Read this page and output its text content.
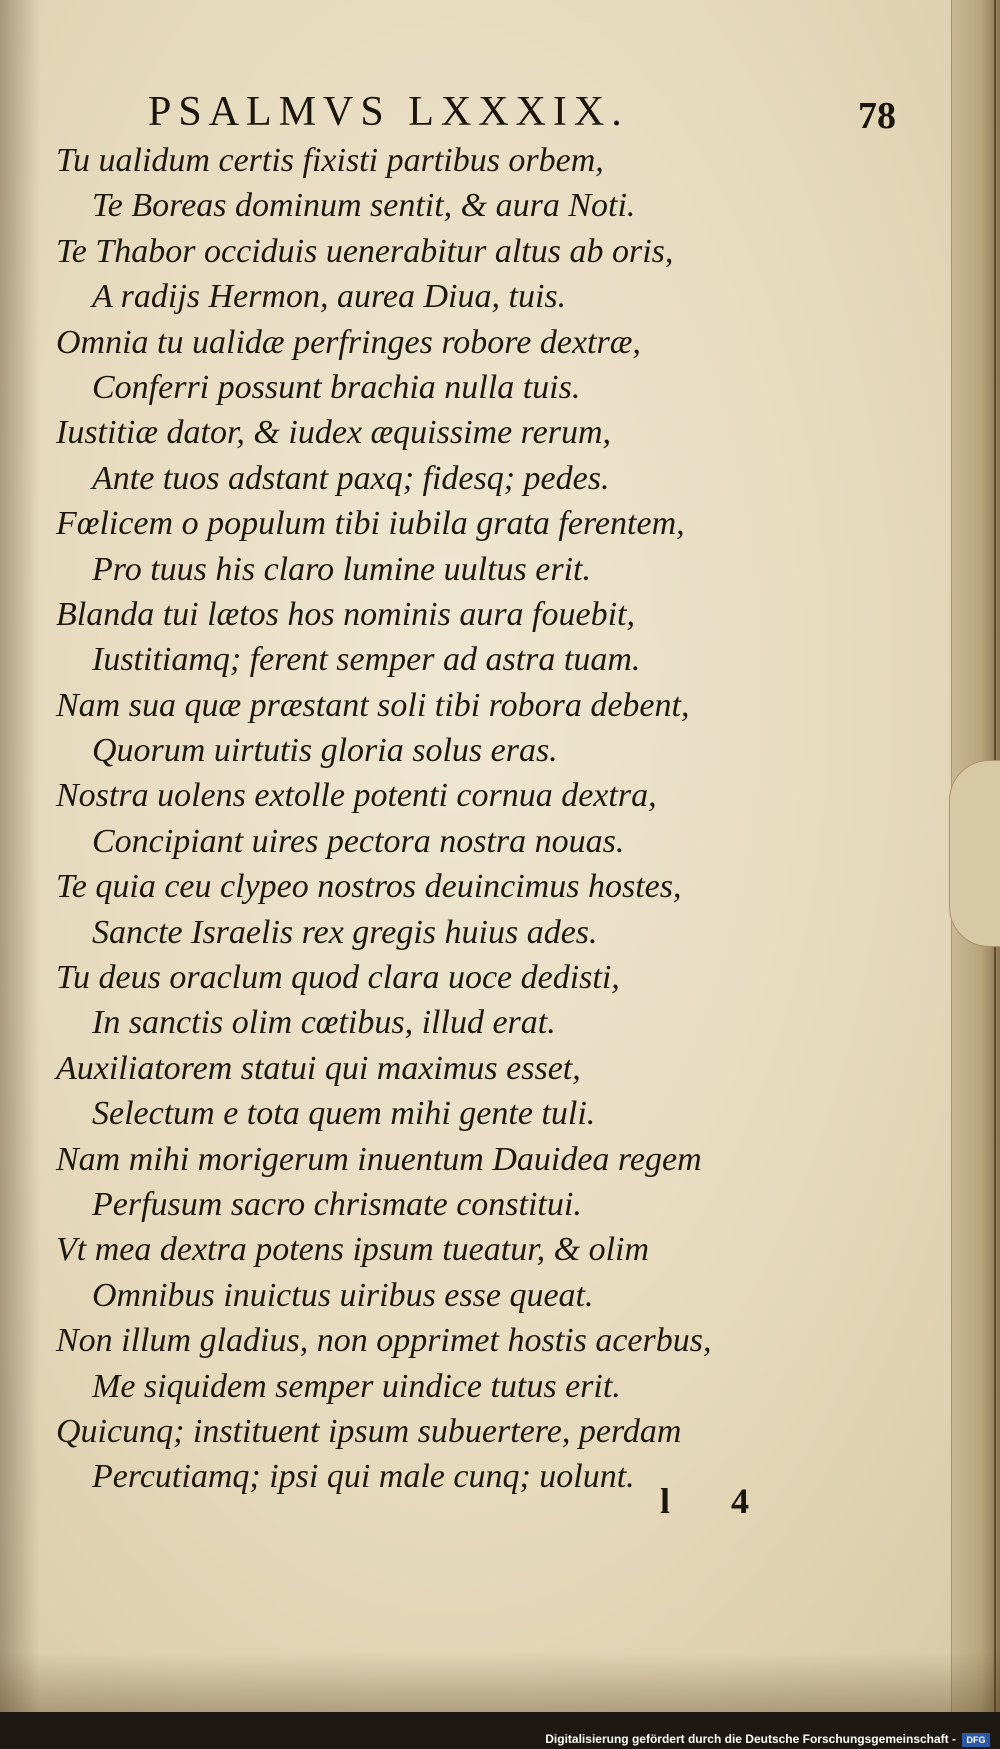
PSALMVS LXXXIX.	78
Tu ualidum certis fixisti partibus orbem,
Te Boreas dominum sentit, & aura Noti.
Te Thabor occiduis uenerabitur altus ab oris,
A radijs Hermon, aurea Diua, tuis.
Omnia tu ualidæ perfringes robore dextræ,
Conferri possunt brachia nulla tuis.
Iustitiæ dator, & iudex æquissime rerum,
Ante tuos adstant paxq; fidesq; pedes.
Fœlicem o populum tibi iubila grata ferentem,
Pro tuus his claro lumine uultus erit.
Blanda tui lætos hos nominis aura fouebit,
Iustitiamq; ferent semper ad astra tuam.
Nam sua quæ præstant soli tibi robora debent,
Quorum uirtutis gloria solus eras.
Nostra uolens extolle potenti cornua dextra,
Concipiant uires pectora nostra nouas.
Te quia ceu clypeo nostros deuincimus hostes,
Sancte Israelis rex gregis huius ades.
Tu deus oraclum quod clara uoce dedisti,
In sanctis olim cœtibus, illud erat.
Auxiliatorem statui qui maximus esset,
Selectum e tota quem mihi gente tuli.
Nam mihi morigerum inuentum Dauidea regem
Perfusum sacro chrismate constitui.
Vt mea dextra potens ipsum tueatur, & olim
Omnibus inuictus uiribus esse queat.
Non illum gladius, non opprimet hostis acerbus,
Me siquidem semper uindice tutus erit.
Quicunq; instituent ipsum subuertere, perdam
Percutiamq; ipsi qui male cunq; uolunt.
l 4
Digitalisierung gefördert durch die Deutsche Forschungsgemeinschaft -	DFG
